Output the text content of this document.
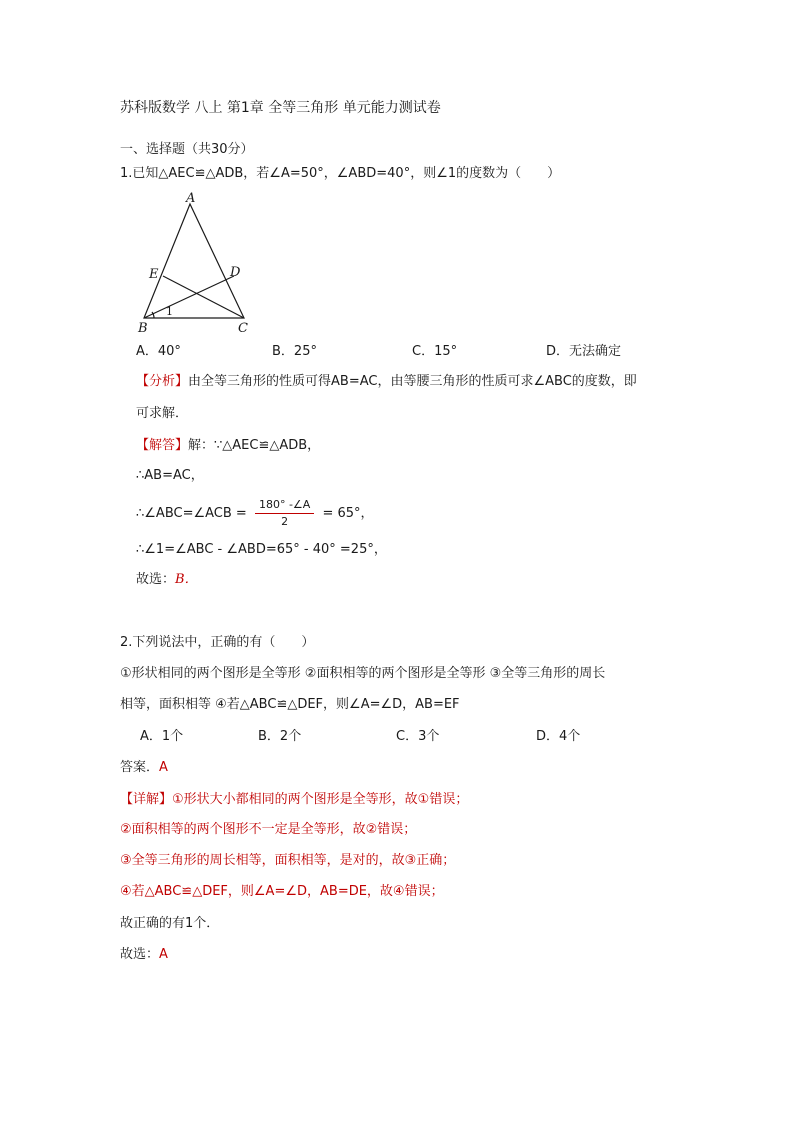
苏科版数学 八上 第1章 全等三角形 单元能力测试卷
一、选择题（共30分）
1.已知△AEC≌△ADB，若∠A=50°，∠ABD=40°，则∠1的度数为（　　）
A
E	D
B	C
1
A．40°	B．25°	C．15°	D．无法确定
【分析】由全等三角形的性质可得AB=AC，由等腰三角形的性质可求∠ABC的度数，即
可求解．
【解答】解：∵△AEC≌△ADB，
∴AB=AC，
∴∠ABC=∠ACB = $\frac{180^\circ -\angle A}{2} = 65^\circ$，
∴∠1=∠ABC - ∠ABD=65° - 40° =25°，
故选：B．
2.下列说法中，正确的有（　　）
①形状相同的两个图形是全等形 ②面积相等的两个图形是全等形 ③全等三角形的周长
相等，面积相等 ④若△ABC≌△DEF，则∠A=∠D，AB=EF
A．1个	B．2个	C．3个	D．4个
答案．A
【详解】①形状大小都相同的两个图形是全等形，故①错误；
②面积相等的两个图形不一定是全等形，故②错误；
③全等三角形的周长相等，面积相等，是对的，故③正确；
④若△ABC≌△DEF，则∠A=∠D，AB=DE，故④错误；
故正确的有1个．
故选：A
